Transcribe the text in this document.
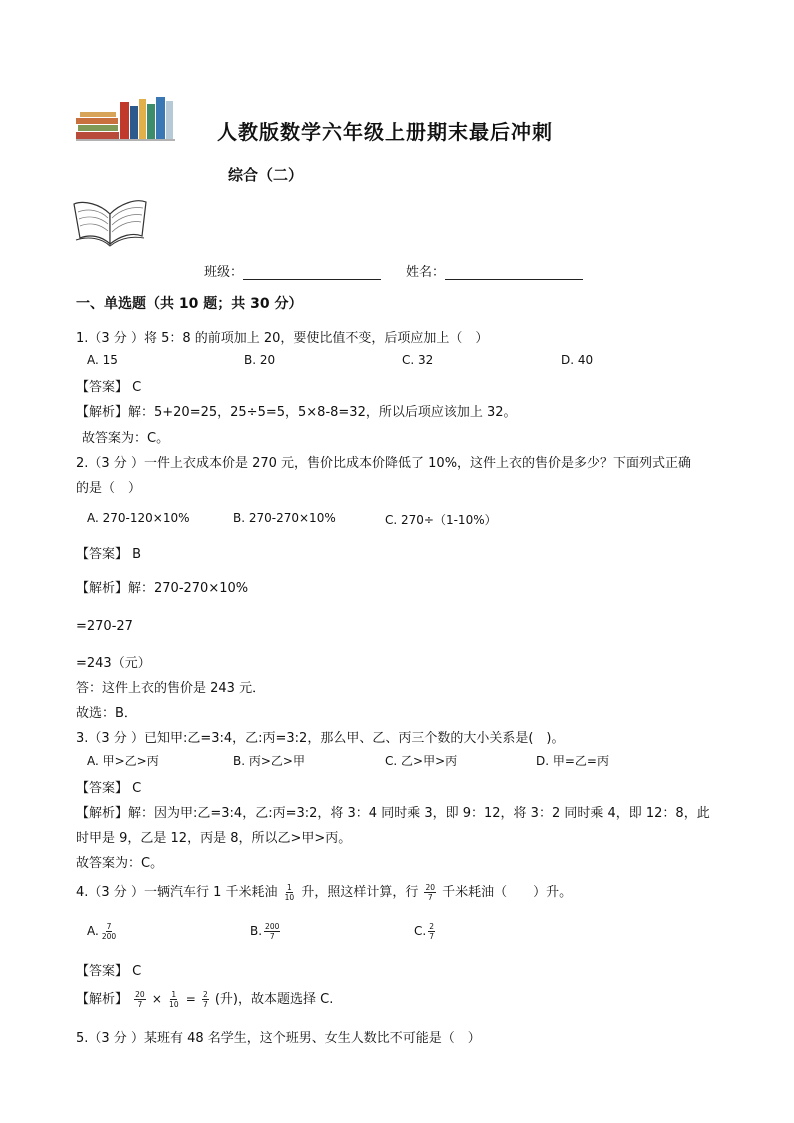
人教版数学六年级上册期末最后冲刺
综合（二）
班级：	姓名：
一、单选题（共 10 题；共 30 分）
1.（3 分 ）将 5：8 的前项加上 20，要使比值不变，后项应加上（　）
A. 15	B. 20	C. 32	D. 40
【答案】 C
【解析】解：5+20=25，25÷5=5，5×8-8=32，所以后项应该加上 32。
故答案为：C。
2.（3 分 ）一件上衣成本价是 270 元，售价比成本价降低了 10%，这件上衣的售价是多少？下面列式正确
的是（　）
A. 270-120×10%	B. 270-270×10%	C. 270÷（1-10%）
【答案】 B
【解析】解：270-270×10%
=270-27
=243（元）
答：这件上衣的售价是 243 元．
故选：B．
3.（3 分 ）已知甲:乙=3:4，乙:丙=3:2，那么甲、乙、丙三个数的大小关系是(　)。
A. 甲>乙>丙	B. 丙>乙>甲	C. 乙>甲>丙	D. 甲=乙=丙
【答案】 C
【解析】解：因为甲:乙=3:4，乙:丙=3:2，将 3：4 同时乘 3，即 9：12，将 3：2 同时乘 4，即 12：8，此
时甲是 9，乙是 12，丙是 8，所以乙>甲>丙。
故答案为：C。
4.（3 分 ）一辆汽车行 1 千米耗油 $\frac{1}{10}$ 升，照这样计算，行 $\frac{20}{7}$ 千米耗油（　　）升。
A. $\frac{7}{200}$	B. $\frac{200}{7}$	C. $\frac{2}{7}$
【答案】 C
【解析】 $\frac{20}{7} \times \frac{1}{10} = \frac{2}{7}$ (升)，故本题选择 C.
5.（3 分 ）某班有 48 名学生，这个班男、女生人数比不可能是（　）
